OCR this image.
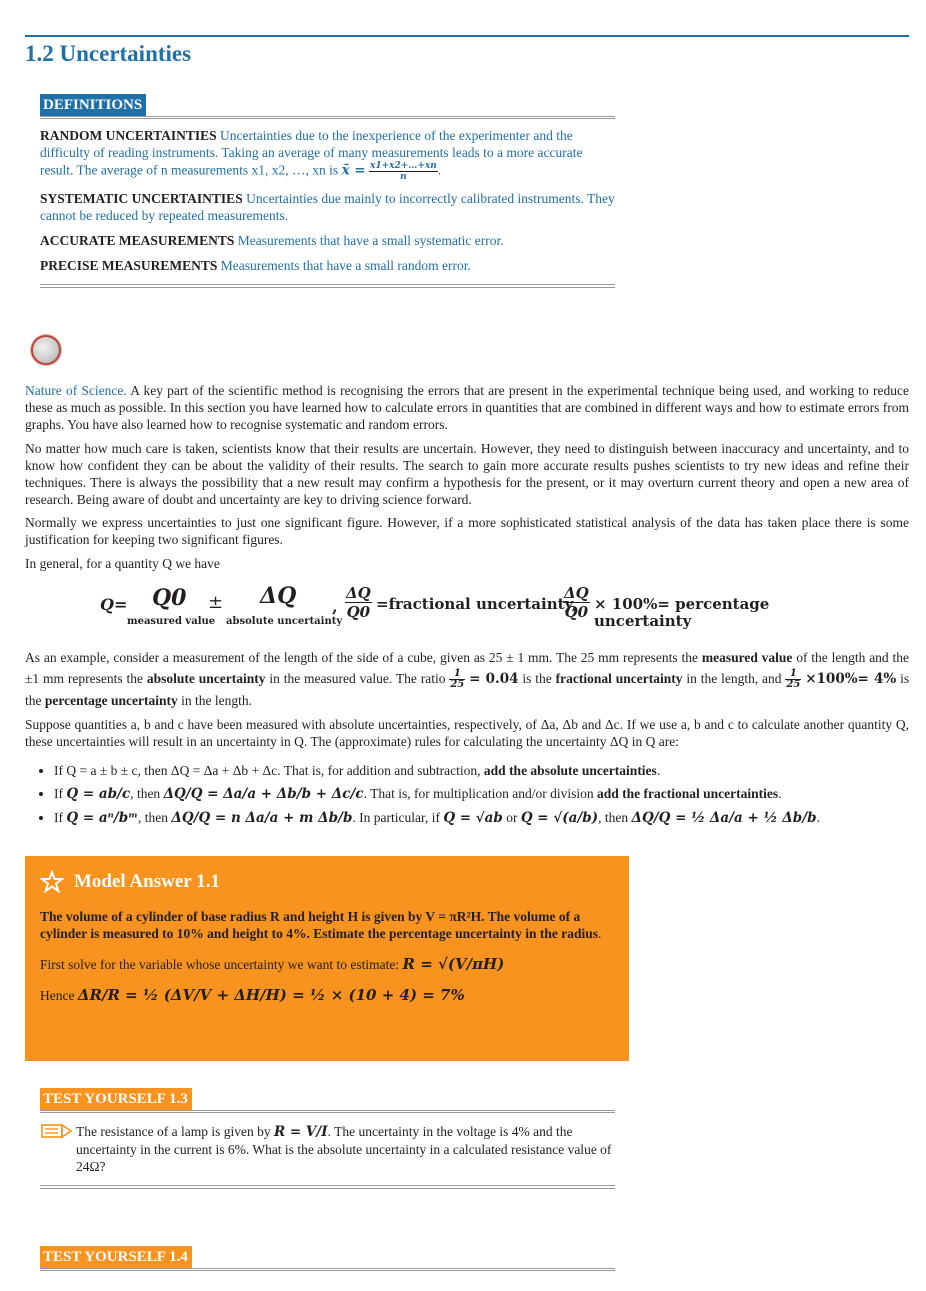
1.2 Uncertainties
DEFINITIONS
RANDOM UNCERTAINTIES Uncertainties due to the inexperience of the experimenter and the difficulty of reading instruments. Taking an average of many measurements leads to a more accurate result. The average of n measurements x1, x2, …, xn is x̄ = $\frac{x1+x2+\dots+xn}{n}$ .
SYSTEMATIC UNCERTAINTIES Uncertainties due mainly to incorrectly calibrated instruments. They cannot be reduced by repeated measurements.
ACCURATE MEASUREMENTS Measurements that have a small systematic error.
PRECISE MEASUREMENTS Measurements that have a small random error.
Nature of Science. A key part of the scientific method is recognising the errors that are present in the experimental technique being used, and working to reduce these as much as possible. In this section you have learned how to calculate errors in quantities that are combined in different ways and how to estimate errors from graphs. You have also learned how to recognise systematic and random errors.
No matter how much care is taken, scientists know that their results are uncertain. However, they need to distinguish between inaccuracy and uncertainty, and to know how confident they can be about the validity of their results. The search to gain more accurate results pushes scientists to try new ideas and refine their techniques. There is always the possibility that a new result may confirm a hypothesis for the present, or it may overturn current theory and open a new area of research. Being aware of doubt and uncertainty are key to driving science forward.
Normally we express uncertainties to just one significant figure. However, if a more sophisticated statistical analysis of the data has taken place there is some justification for keeping two significant figures.
In general, for a quantity Q we have
Q= Q0
measured value
± ΔQ
absolute uncertainty
, $\frac{\Delta Q}{Q0}$ =fractional uncertainty,
$\frac{\Delta Q}{Q0} \times 100\%=$ percentage uncertainty
As an example, consider a measurement of the length of the side of a cube, given as 25 ± 1 mm. The 25 mm represents the measured value of the length and the ±1 mm represents the absolute uncertainty in the measured value. The ratio $\frac{1}{25} = 0.04$ is the fractional uncertainty in the length, and $\frac{1}{25} \times 100\%= 4\%$ is the percentage uncertainty in the length.
Suppose quantities a, b and c have been measured with absolute uncertainties, respectively, of Δa, Δb and Δc. If we use a, b and c to calculate another quantity Q, these uncertainties will result in an uncertainty in Q. The (approximate) rules for calculating the uncertainty ΔQ in Q are:
• If Q = a ± b ± c, then ΔQ = Δa + Δb + Δc. That is, for addition and subtraction, add the absolute uncertainties.
• If Q = ab/c, then ΔQ/Q = Δa/a + Δb/b + Δc/c. That is, for multiplication and/or division add the fractional uncertainties.
• If Q = aⁿ/bᵐ, then ΔQ/Q = n Δa/a + m Δb/b. In particular, if Q = √ab or Q = √(a/b), then ΔQ/Q = ½ Δa/a + ½ Δb/b.
Model Answer 1.1
The volume of a cylinder of base radius R and height H is given by V = πR²H. The volume of a cylinder is measured to 10% and height to 4%. Estimate the percentage uncertainty in the radius.
First solve for the variable whose uncertainty we want to estimate: R = √(V/πH)
Hence ΔR/R = ½ (ΔV/V + ΔH/H) = ½ × (10 + 4) = 7%
TEST YOURSELF 1.3
The resistance of a lamp is given by R = V/I. The uncertainty in the voltage is 4% and the uncertainty in the current is 6%. What is the absolute uncertainty in a calculated resistance value of 24Ω?
TEST YOURSELF 1.4
